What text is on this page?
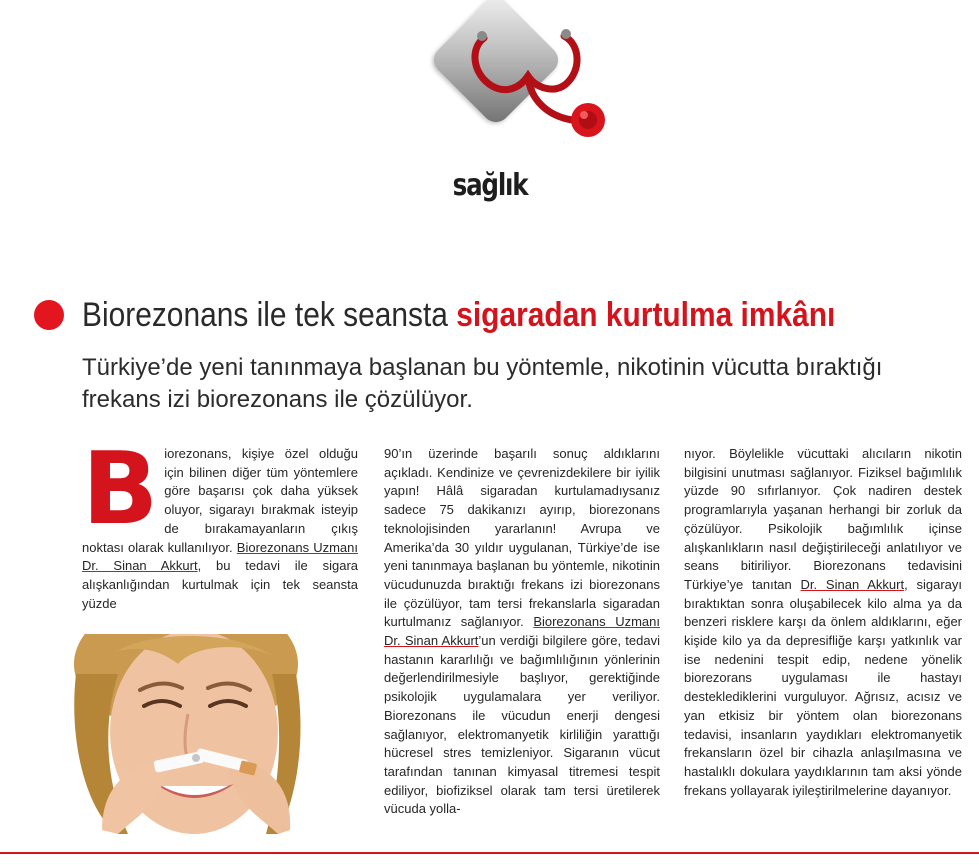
sağlık
Biorezonans ile tek seansta sigaradan kurtulma imkânı
Türkiye’de yeni tanınmaya başlanan bu yöntemle, nikotinin vücutta bıraktığı frekans izi biorezonans ile çözülüyor.
Biorezonans, kişiye özel olduğu için bilinen diğer tüm yöntemlere göre başarısı çok daha yüksek oluyor, sigarayı bırakmak isteyip de bırakamayanların çıkış noktası olarak kullanılıyor. Biorezonans Uzmanı Dr. Sinan Akkurt, bu tedavi ile sigara alışkanlığından kurtulmak için tek seansta yüzde
90’ın üzerinde başarılı sonuç aldıklarını açıkladı. Kendinize ve çevrenizdekilere bir iyilik yapın! Hâlâ sigaradan kurtulamadıysanız sadece 75 dakikanızı ayırıp, biorezonans teknolojisinden yararlanın! Avrupa ve Amerika’da 30 yıldır uygulanan, Türkiye’de ise yeni tanınmaya başlanan bu yöntemle, nikotinin vücudunuzda bıraktığı frekans izi biorezonans ile çözülüyor, tam tersi frekanslarla sigaradan kurtulmanız sağlanıyor. Biorezonans Uzmanı Dr. Sinan Akkurt’un verdiği bilgilere göre, tedavi hastanın kararlılığı ve bağımlılığının yönlerinin değerlendirilmesiyle başlıyor, gerektiğinde psikolojik uygulamalara yer veriliyor. Biorezonans ile vücudun enerji dengesi sağlanıyor, elektromanyetik kirliliğin yarattığı hücresel stres temizleniyor. Sigaranın vücut tarafından tanınan kimyasal titremesi tespit ediliyor, biofiziksel olarak tam tersi üretilerek vücuda yolla-
nıyor. Böylelikle vücuttaki alıcıların nikotin bilgisini unutması sağlanıyor. Fiziksel bağımlılık yüzde 90 sıfırlanıyor. Çok nadiren destek programlarıyla yaşanan herhangi bir zorluk da çözülüyor. Psikolojik bağımlılık içinse alışkanlıkların nasıl değiştirileceği anlatılıyor ve seans bitiriliyor. Biorezonans tedavisini Türkiye’ye tanıtan Dr. Sinan Akkurt, sigarayı bıraktıktan sonra oluşabilecek kilo alma ya da benzeri risklere karşı da önlem aldıklarını, eğer kişide kilo ya da depresifliğe karşı yatkınlık var ise nedenini tespit edip, nedene yönelik biorezorans uygulaması ile hastayı desteklediklerini vurguluyor. Ağrısız, acısız ve yan etkisiz bir yöntem olan biorezonans tedavisi, insanların yaydıkları elektromanyetik frekansların özel bir cihazla anlaşılmasına ve hastalıklı dokulara yaydıklarının tam aksi yönde frekans yollayarak iyileştirilmelerine dayanıyor.
